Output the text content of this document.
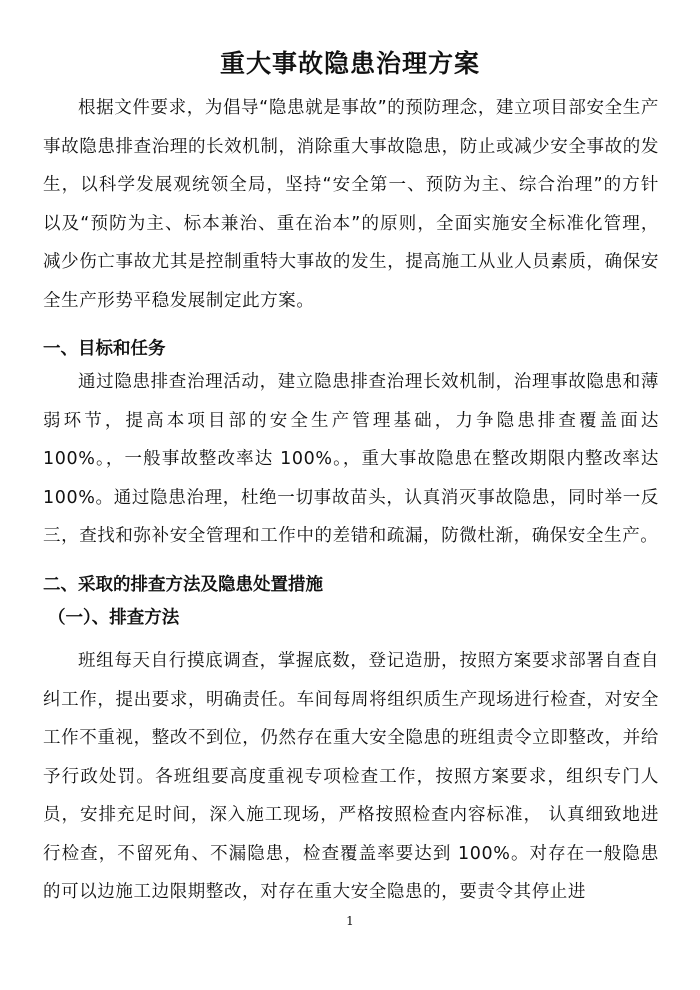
重大事故隐患治理方案

根据文件要求，为倡导“隐患就是事故”的预防理念，建立项目部安全生产事故隐患排查治理的长效机制，消除重大事故隐患，防止或减少安全事故的发生，以科学发展观统领全局，坚持“安全第一、预防为主、综合治理”的方针以及“预防为主、标本兼治、重在治本”的原则，全面实施安全标准化管理，减少伤亡事故尤其是控制重特大事故的发生，提高施工从业人员素质，确保安全生产形势平稳发展制定此方案。

一、目标和任务

通过隐患排查治理活动，建立隐患排查治理长效机制，治理事故隐患和薄弱环节，提高本项目部的安全生产管理基础，力争隐患排查覆盖面达100%。，一般事故整改率达 100%。，重大事故隐患在整改期限内整改率达100%。通过隐患治理，杜绝一切事故苗头，认真消灭事故隐患，同时举一反三，查找和弥补安全管理和工作中的差错和疏漏，防微杜渐，确保安全生产。

二、采取的排查方法及隐患处置措施
（一）、排查方法

班组每天自行摸底调查，掌握底数，登记造册，按照方案要求部署自查自纠工作，提出要求，明确责任。车间每周将组织质生产现场进行检查，对安全工作不重视，整改不到位，仍然存在重大安全隐患的班组责令立即整改，并给予行政处罚。各班组要高度重视专项检查工作，按照方案要求，组织专门人员，安排充足时间，深入施工现场，严格按照检查内容标准， 认真细致地进行检查，不留死角、不漏隐患，检查覆盖率要达到 100%。对存在一般隐患的可以边施工边限期整改，对存在重大安全隐患的，要责令其停止进

1
